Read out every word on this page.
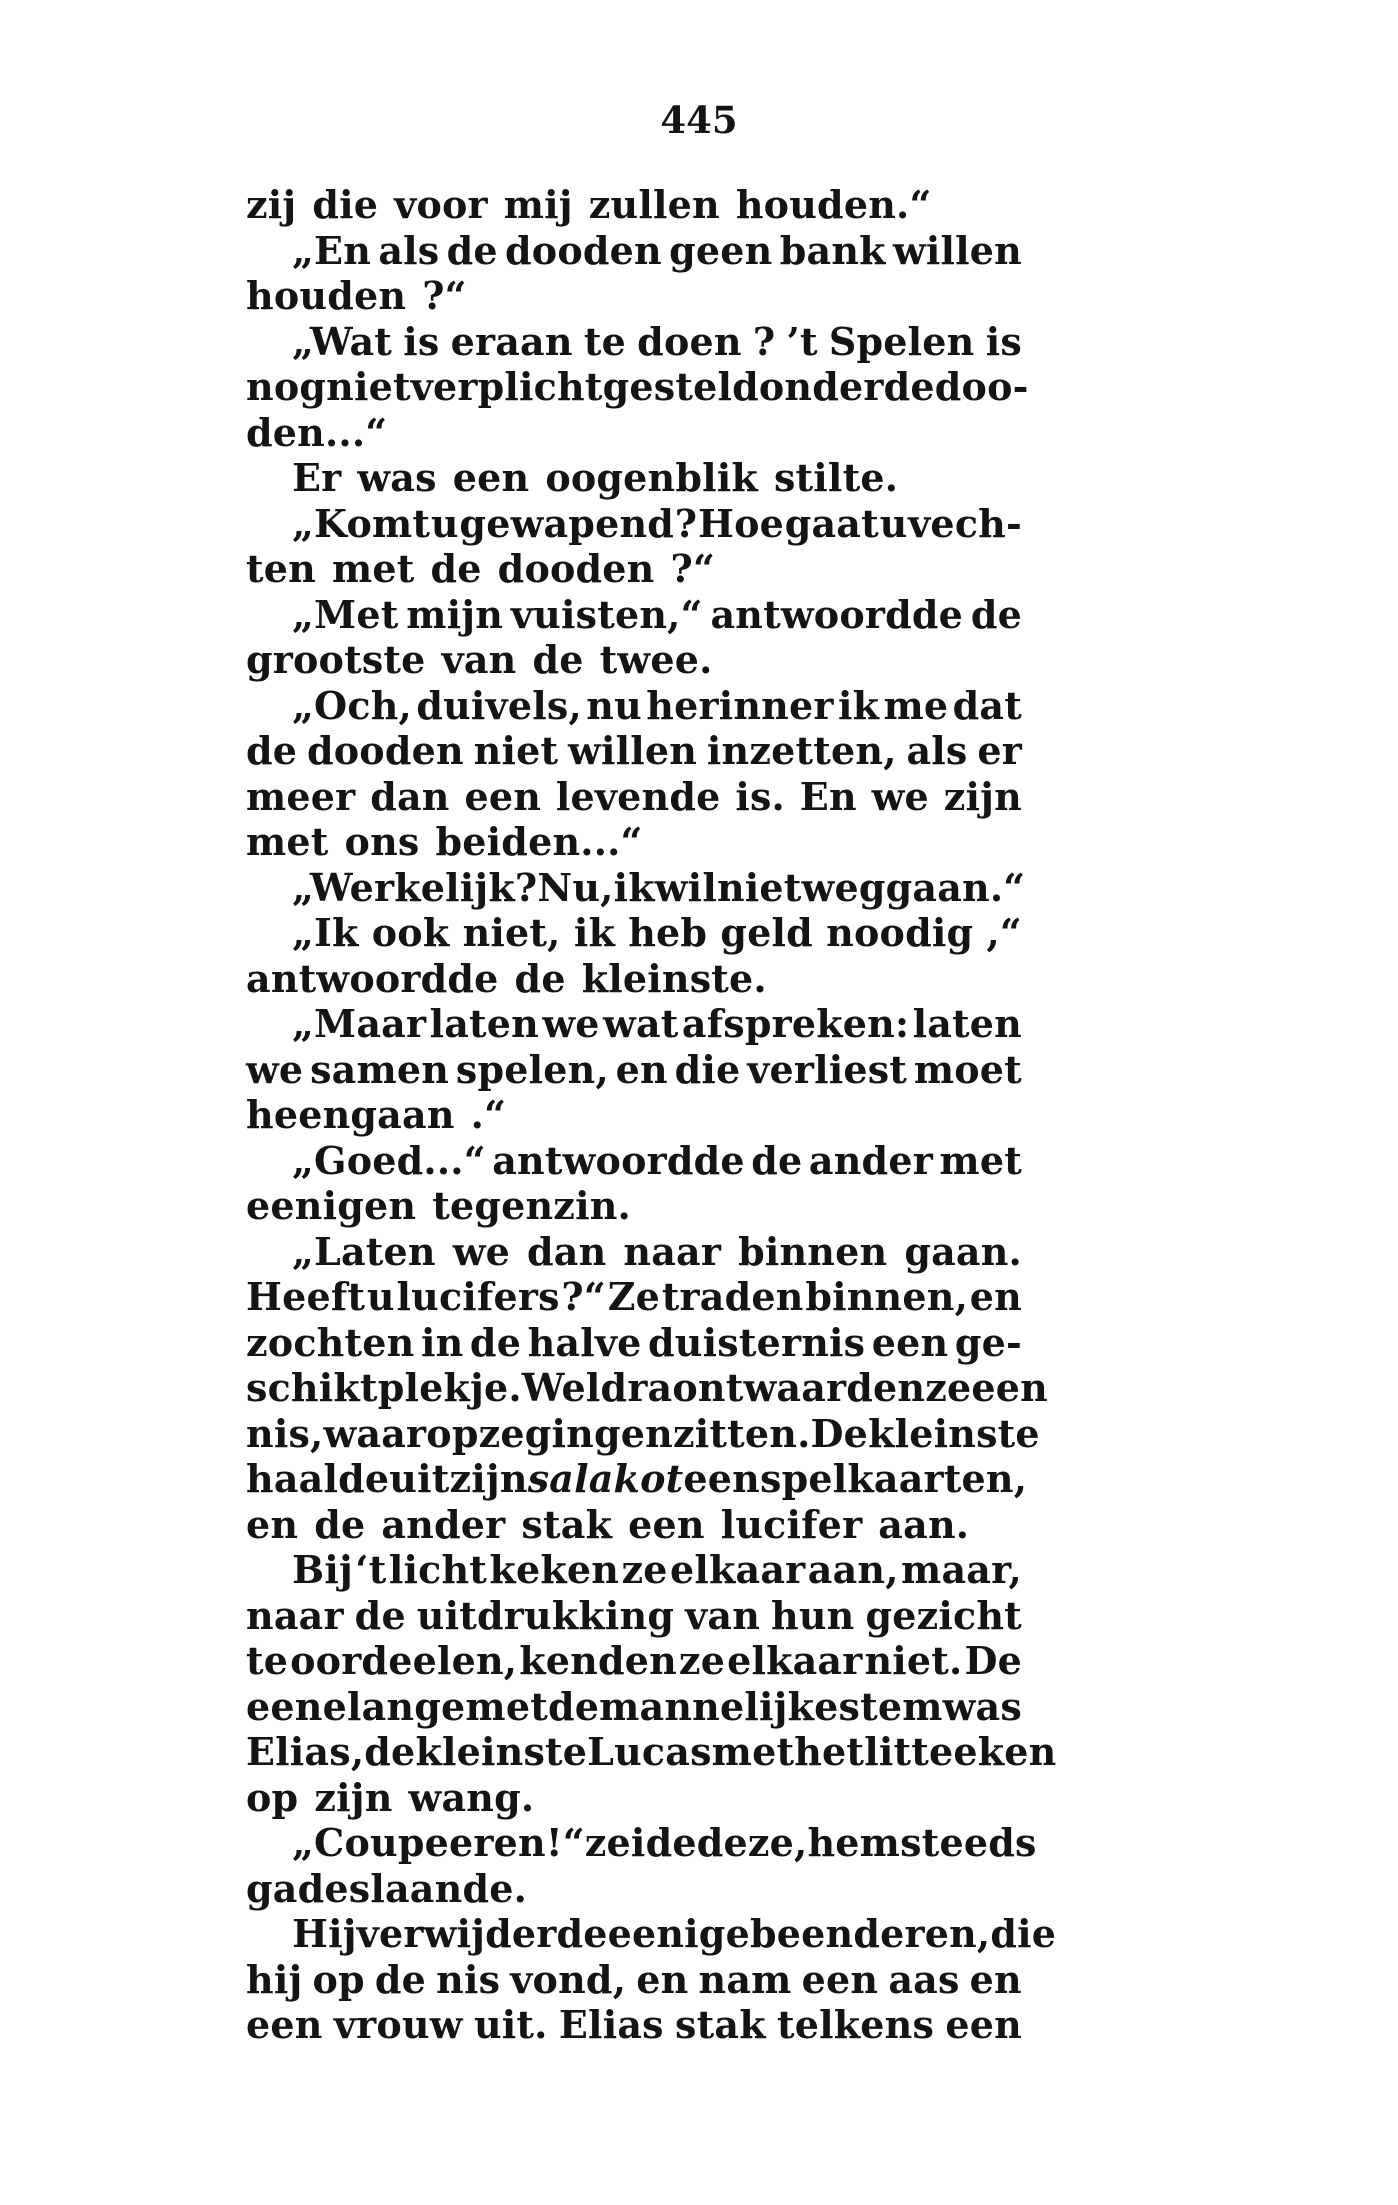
445
zij die voor mij zullen houden.“
„En als de dooden geen bank willen
houden ?“
„Wat is eraan te doen ? ’t Spelen is
nog niet verplicht gesteld onder de doo-
den...“
Er was een oogenblik stilte.
„Komt u gewapend ? Hoe gaat u vech-
ten met de dooden ?“
„Met mijn vuisten,“ antwoordde de
grootste van de twee.
„Och, duivels, nu herinner ik me dat
de dooden niet willen inzetten, als er
meer dan een levende is. En we zijn
met ons beiden...“
„Werkelijk ? Nu, ik wil niet weggaan.“
„Ik ook niet, ik heb geld noodig ,“
antwoordde de kleinste.
„Maar laten we wat afspreken: laten
we samen spelen, en die verliest moet
heengaan .“
„Goed...“ antwoordde de ander met
eenigen tegenzin.
„Laten we dan naar binnen gaan.
Heeft u lucifers ?“ Ze traden binnen, en
zochten in de halve duisternis een ge-
schikt plekje. Weldra ontwaarden ze een
nis, waarop ze gingen zitten. De kleinste
haalde uit zijn salakot een spel kaarten,
en de ander stak een lucifer aan.
Bij ‘t licht keken ze elkaar aan, maar,
naar de uitdrukking van hun gezicht
te oordeelen, kenden ze elkaar niet. De
eene lange met de mannelijke stem was
Elias, de kleinste Lucas met het litteeken
op zijn wang.
„Coupeeren !“ zeide deze, hem steeds
gadeslaande.
Hij verwijderde eenige beenderen, die
hij op de nis vond, en nam een aas en
een vrouw uit. Elias stak telkens een
